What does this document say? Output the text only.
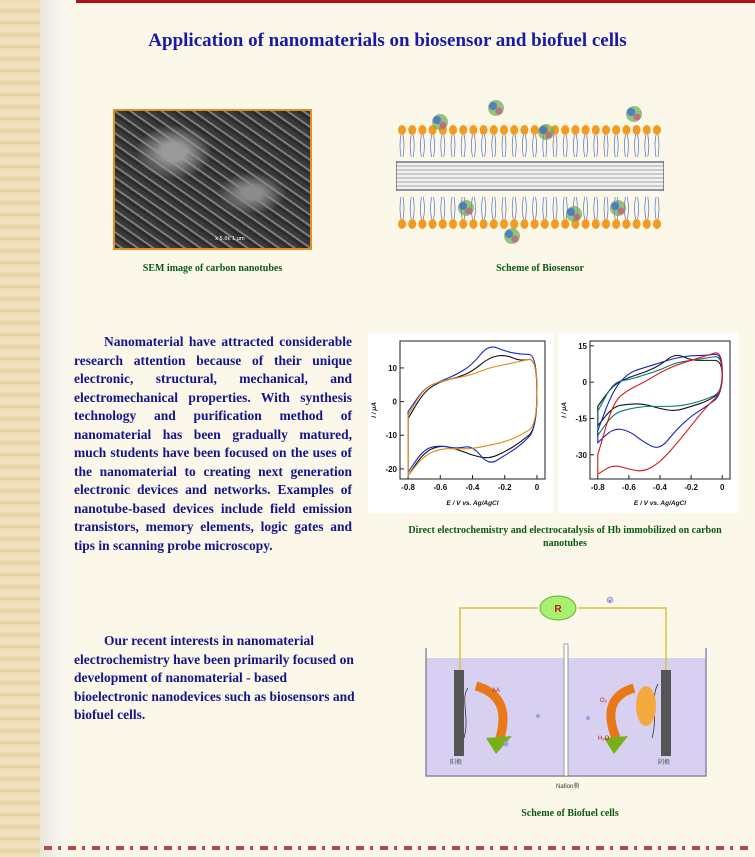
Application of nanomaterials on biosensor and biofuel cells
x 5.0k 1 μm
SEM image of carbon nanotubes	Scheme of Biosensor
Nanomaterial have attracted considerable research attention because of their unique electronic, structural, mechanical, and electromechanical properties. With synthesis technology and purification method of nanomaterial has been gradually matured, much students have been focused on the uses of the nanomaterial to creating next generation electronic devices and networks. Examples of nanotube-based devices include field emission transistors, memory elements, logic gates and tips in scanning probe microscopy.
-0.8 -0.6 -0.4 -0.2	0
10
0
-10
-20
E / V vs. Ag/AgCl
I / μA
-0.8 -0.6 -0.4 -0.2	0
15
0
-15
-30
E / V vs. Ag/AgCl
I / μA
Direct electrochemistry and electrocatalysis of Hb immobilized on carbon nanotubes
Our recent interests in nanomaterial electrochemistry have been primarily focused on development of nanomaterial - based bioelectronic nanodevices such as biosensors and biofuel cells.
R
AA
O₂
H₂O
e
阳极	阴极
Nafion膜
Scheme of Biofuel cells
